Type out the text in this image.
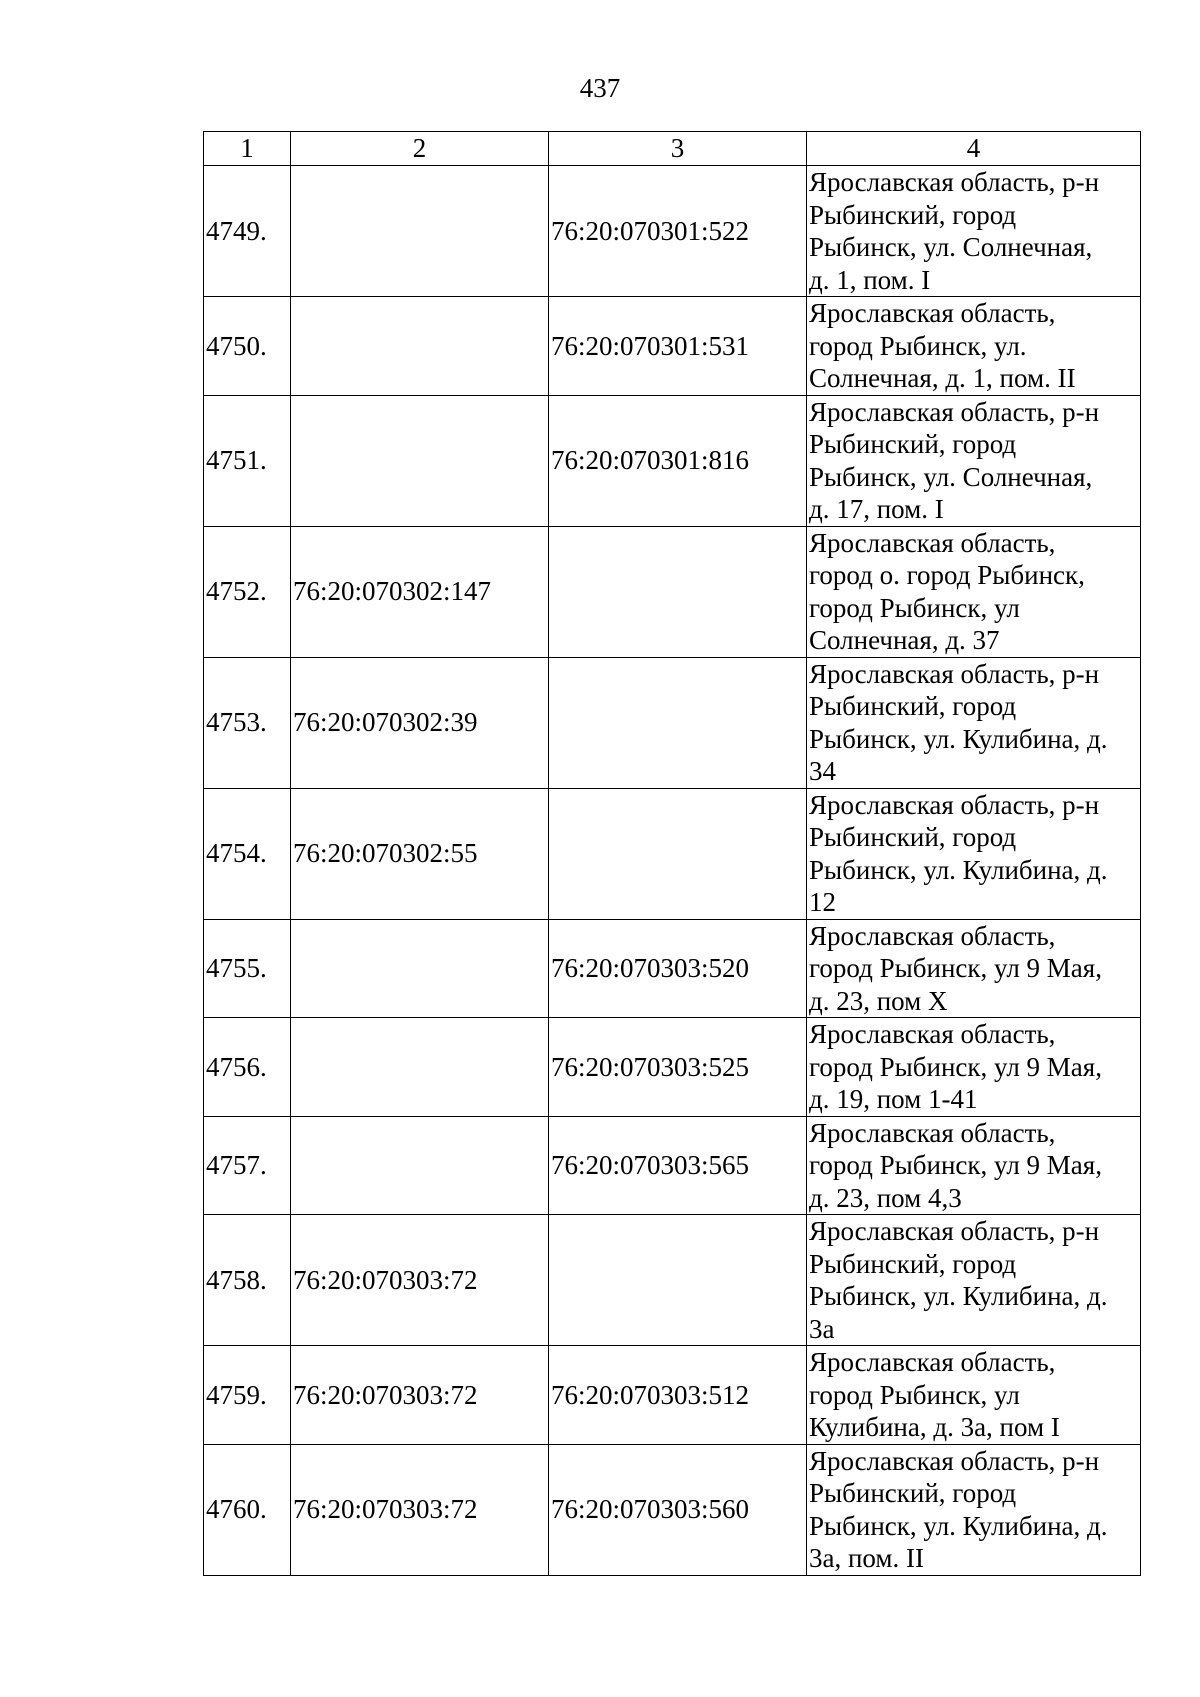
437
1	2	3	4
4749.		76:20:070301:522	Ярославская область, р-н
Рыбинский, город
Рыбинск, ул. Солнечная,
д. 1, пом. I
4750.		76:20:070301:531	Ярославская область,
город Рыбинск, ул.
Солнечная, д. 1, пом. II
4751.		76:20:070301:816	Ярославская область, р-н
Рыбинский, город
Рыбинск, ул. Солнечная,
д. 17, пом. I
4752.	76:20:070302:147		Ярославская область,
город о. город Рыбинск,
город Рыбинск, ул
Солнечная, д. 37
4753.	76:20:070302:39		Ярославская область, р-н
Рыбинский, город
Рыбинск, ул. Кулибина, д.
34
4754.	76:20:070302:55		Ярославская область, р-н
Рыбинский, город
Рыбинск, ул. Кулибина, д.
12
4755.		76:20:070303:520	Ярославская область,
город Рыбинск, ул 9 Мая,
д. 23, пом X
4756.		76:20:070303:525	Ярославская область,
город Рыбинск, ул 9 Мая,
д. 19, пом 1-41
4757.		76:20:070303:565	Ярославская область,
город Рыбинск, ул 9 Мая,
д. 23, пом 4,3
4758.	76:20:070303:72		Ярославская область, р-н
Рыбинский, город
Рыбинск, ул. Кулибина, д.
3а
4759.	76:20:070303:72	76:20:070303:512	Ярославская область,
город Рыбинск, ул
Кулибина, д. 3а, пом I
4760.	76:20:070303:72	76:20:070303:560	Ярославская область, р-н
Рыбинский, город
Рыбинск, ул. Кулибина, д.
3а, пом. II
